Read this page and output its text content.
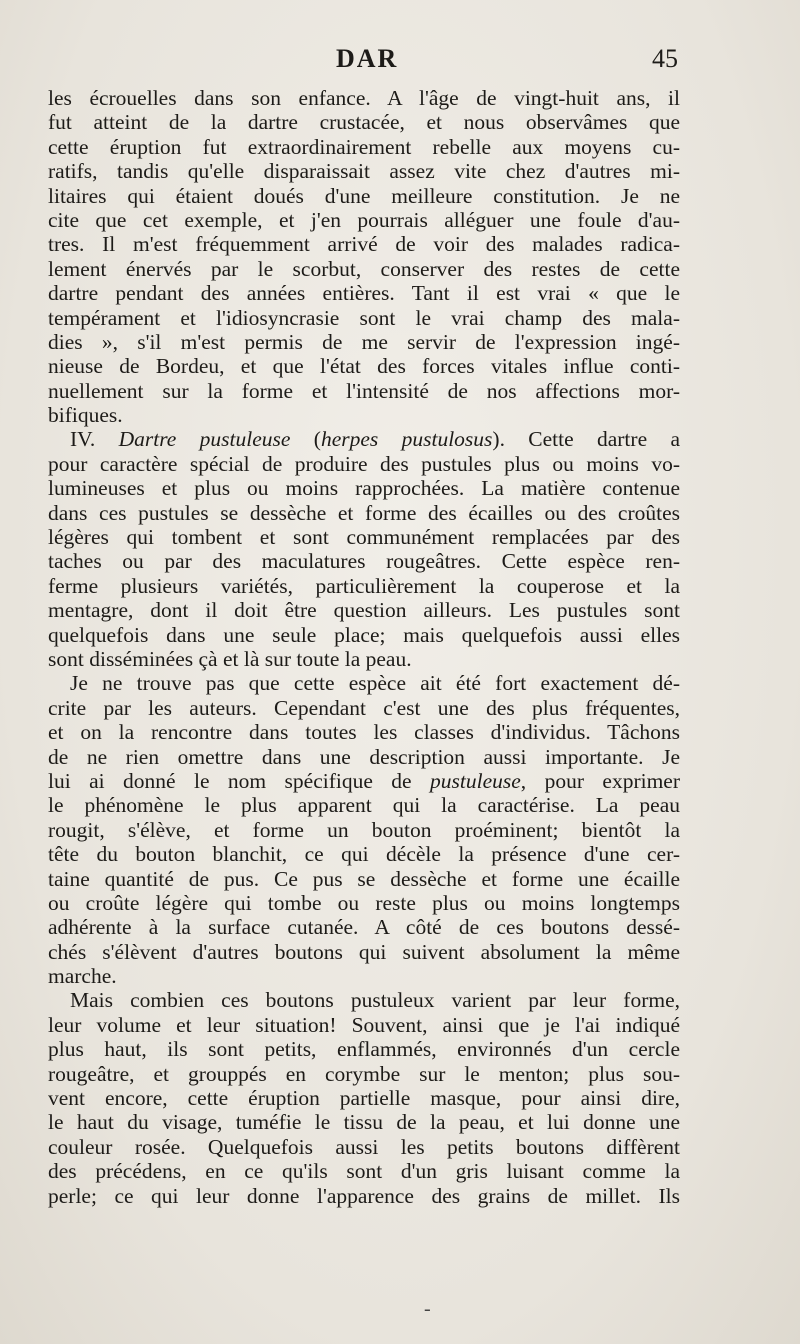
DAR	45
les écrouelles dans son enfance. A l'âge de vingt-huit ans, il
fut atteint de la dartre crustacée, et nous observâmes que
cette éruption fut extraordinairement rebelle aux moyens cu-
ratifs, tandis qu'elle disparaissait assez vite chez d'autres mi-
litaires qui étaient doués d'une meilleure constitution. Je ne
cite que cet exemple, et j'en pourrais alléguer une foule d'au-
tres. Il m'est fréquemment arrivé de voir des malades radica-
lement énervés par le scorbut, conserver des restes de cette
dartre pendant des années entières. Tant il est vrai « que le
tempérament et l'idiosyncrasie sont le vrai champ des mala-
dies », s'il m'est permis de me servir de l'expression ingé-
nieuse de Bordeu, et que l'état des forces vitales influe conti-
nuellement sur la forme et l'intensité de nos affections mor-
bifiques.
IV. Dartre pustuleuse (herpes pustulosus). Cette dartre a
pour caractère spécial de produire des pustules plus ou moins vo-
lumineuses et plus ou moins rapprochées. La matière contenue
dans ces pustules se dessèche et forme des écailles ou des croûtes
légères qui tombent et sont communément remplacées par des
taches ou par des maculatures rougeâtres. Cette espèce ren-
ferme plusieurs variétés, particulièrement la couperose et la
mentagre, dont il doit être question ailleurs. Les pustules sont
quelquefois dans une seule place; mais quelquefois aussi elles
sont disséminées çà et là sur toute la peau.
Je ne trouve pas que cette espèce ait été fort exactement dé-
crite par les auteurs. Cependant c'est une des plus fréquentes,
et on la rencontre dans toutes les classes d'individus. Tâchons
de ne rien omettre dans une description aussi importante. Je
lui ai donné le nom spécifique de pustuleuse, pour exprimer
le phénomène le plus apparent qui la caractérise. La peau
rougit, s'élève, et forme un bouton proéminent; bientôt la
tête du bouton blanchit, ce qui décèle la présence d'une cer-
taine quantité de pus. Ce pus se dessèche et forme une écaille
ou croûte légère qui tombe ou reste plus ou moins longtemps
adhérente à la surface cutanée. A côté de ces boutons dessé-
chés s'élèvent d'autres boutons qui suivent absolument la même
marche.
Mais combien ces boutons pustuleux varient par leur forme,
leur volume et leur situation! Souvent, ainsi que je l'ai indiqué
plus haut, ils sont petits, enflammés, environnés d'un cercle
rougeâtre, et grouppés en corymbe sur le menton; plus sou-
vent encore, cette éruption partielle masque, pour ainsi dire,
le haut du visage, tuméfie le tissu de la peau, et lui donne une
couleur rosée. Quelquefois aussi les petits boutons diffèrent
des précédens, en ce qu'ils sont d'un gris luisant comme la
perle; ce qui leur donne l'apparence des grains de millet. Ils
-
